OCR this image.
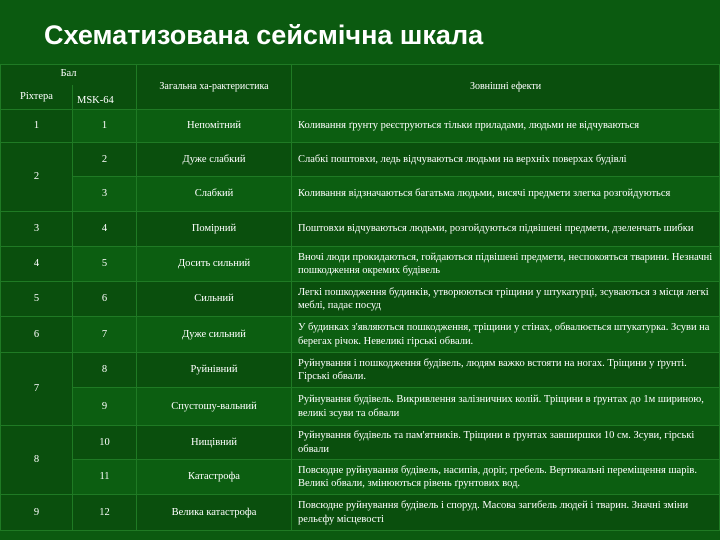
Схематизована сейсмічна шкала
Бал		Загальна ха-рактеристика	Зовнішні ефекти
Ріхтера	MSK-64		
1	1	Непомітний	Коливання ґрунту реєструються тільки приладами, людьми не відчуваються
2	2	Дуже слабкий	Слабкі поштовхи, ледь відчуваються людьми на верхніх поверхах будівлі
	3	Слабкий	Коливання відзначаються багатьма людьми, висячі предмети злегка розгойдуються
3	4	Помірний	Поштовхи відчуваються людьми, розгойдуються підвішені предмети, дзеленчать шибки
4	5	Досить сильний	Вночі люди прокидаються, гойдаються підвішені предмети, неспокояться тварини. Незначні пошкодження окремих будівель
5	6	Сильний	Легкі пошкодження будинків, утворюються тріщини у штукатурці, зсуваються з місця легкі меблі, падає посуд
6	7	Дуже сильний	У будинках з'являються пошкодження, тріщини у стінах, обвалюється штукатурка. Зсуви на берегах річок. Невеликі гірські обвали.
7	8	Руйнівний	Руйнування і пошкодження будівель, людям важко встояти на ногах. Тріщини у ґрунті. Гірські обвали.
	9	Спустошу-вальний	Руйнування будівель. Викривлення залізничних колій. Тріщини в ґрунтах до 1м шириною, великі зсуви та обвали
8	10	Нищівний	Руйнування будівель та пам'ятників. Тріщини в ґрунтах завширшки 10 см. Зсуви, гірські обвали
	11	Катастрофа	Повсюдне руйнування будівель, насипів, доріг, гребель. Вертикальні переміщення шарів. Великі обвали, змінюються рівень ґрунтових вод.
9	12	Велика катастрофа	Повсюдне руйнування будівель і споруд. Масова загибель людей і тварин. Значні зміни рельєфу місцевості
